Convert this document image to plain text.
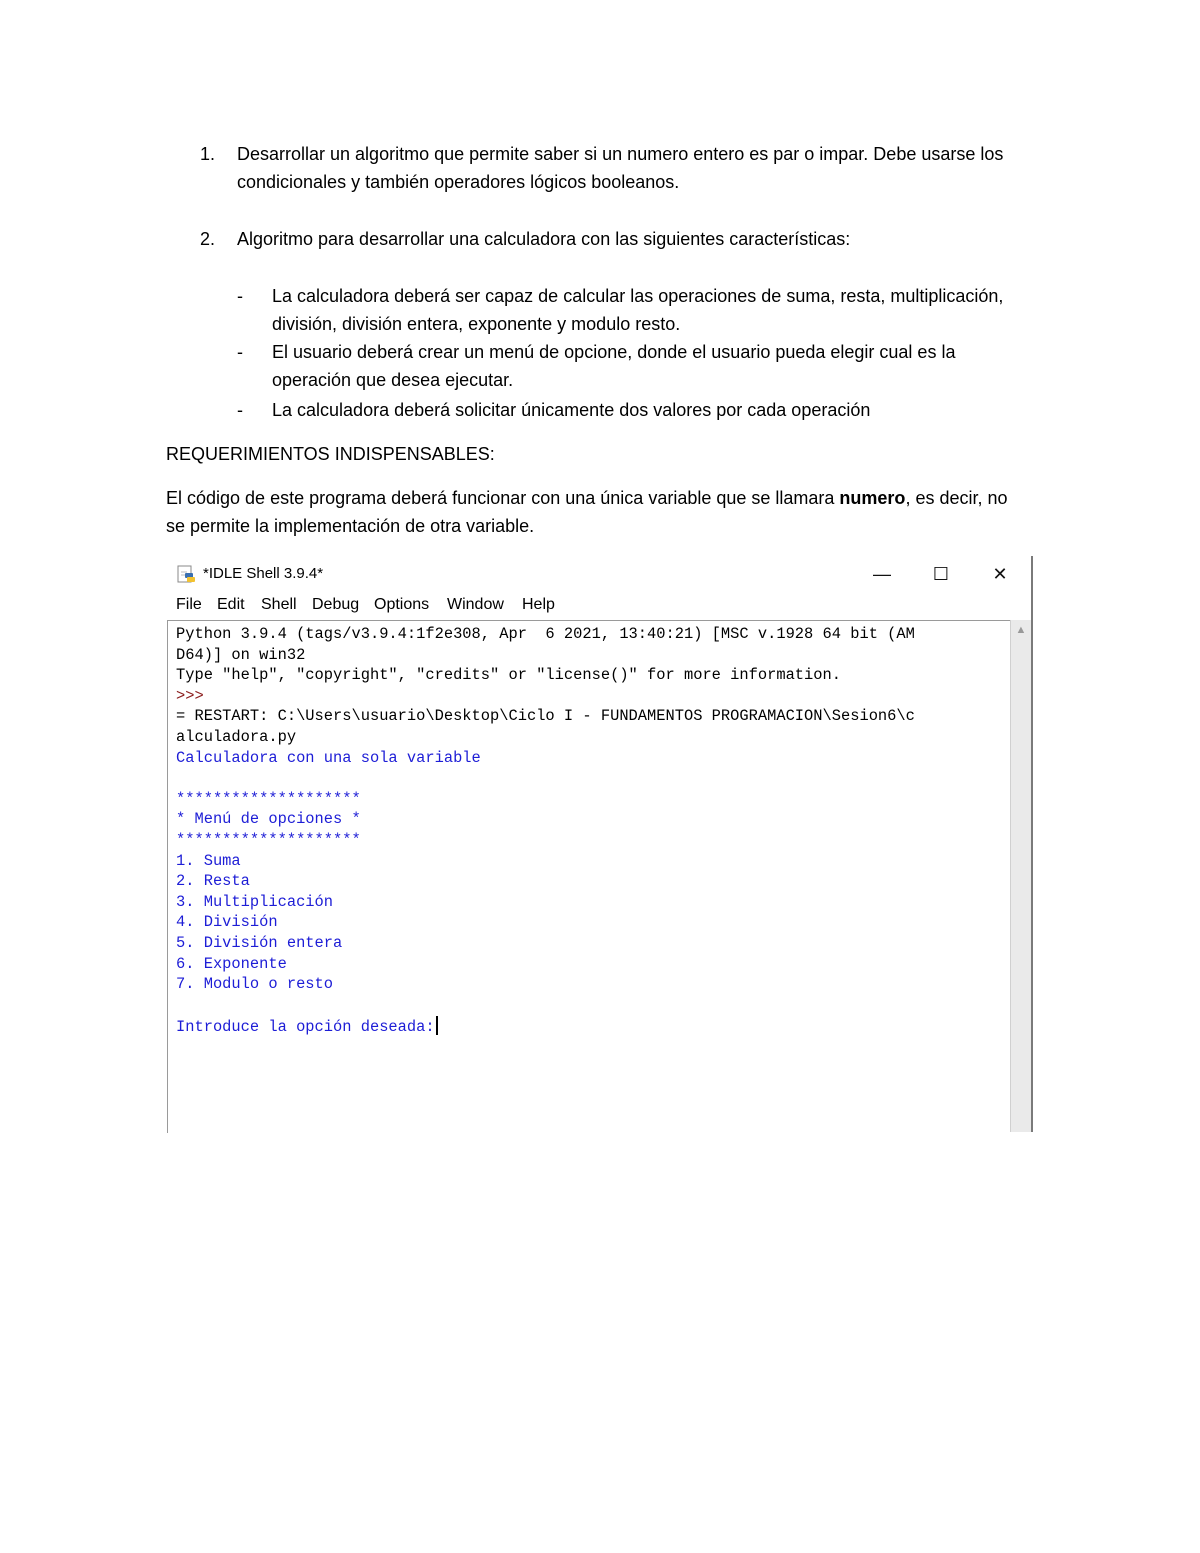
1. Desarrollar un algoritmo que permite saber si un numero entero es par o impar. Debe usarse los condicionales y también operadores lógicos booleanos.
2. Algoritmo para desarrollar una calculadora con las siguientes características:
- La calculadora deberá ser capaz de calcular las operaciones de suma, resta, multiplicación, división, división entera, exponente y modulo resto.
- El usuario deberá crear un menú de opcione, donde el usuario pueda elegir cual es la operación que desea ejecutar.
- La calculadora deberá solicitar únicamente dos valores por cada operación
REQUERIMIENTOS INDISPENSABLES:
El código de este programa deberá funcionar con una única variable que se llamara numero, es decir, no se permite la implementación de otra variable.
*IDLE Shell 3.9.4*	—	☐	✕
File Edit Shell Debug Options Window Help
Python 3.9.4 (tags/v3.9.4:1f2e308, Apr  6 2021, 13:40:21) [MSC v.1928 64 bit (AM
D64)] on win32
Type "help", "copyright", "credits" or "license()" for more information.
>>>
= RESTART: C:\Users\usuario\Desktop\Ciclo I - FUNDAMENTOS PROGRAMACION\Sesion6\c
alculadora.py
Calculadora con una sola variable
********************
* Menú de opciones *
********************
1. Suma
2. Resta
3. Multiplicación
4. División
5. División entera
6. Exponente
7. Modulo o resto
Introduce la opción deseada:
▲
